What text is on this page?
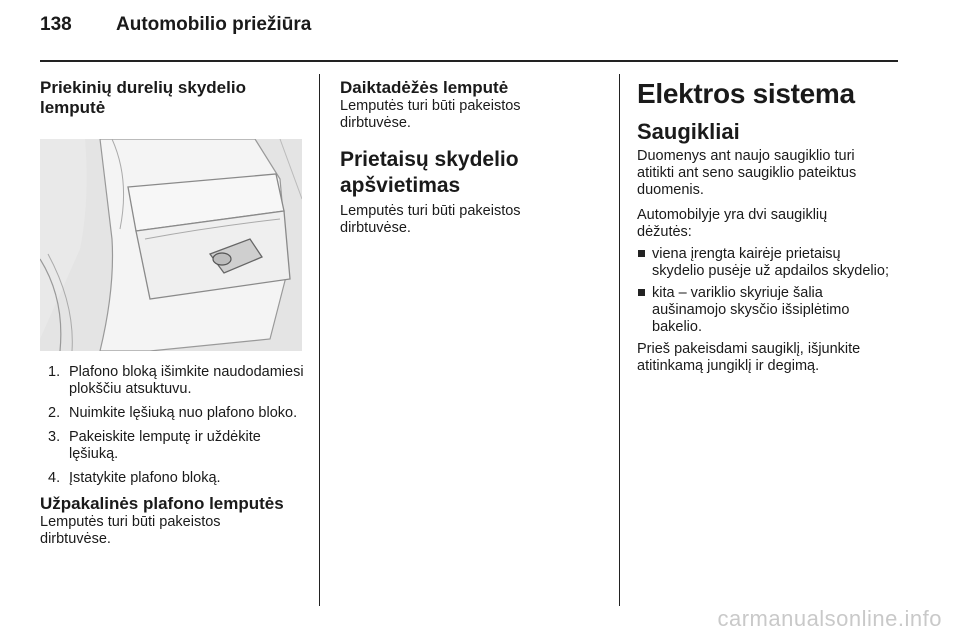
138 Automobilio priežiūra
Priekinių durelių skydelio lemputė
1. Plafono bloką išimkite naudodamiesi plokščiu atsuktuvu.
2. Nuimkite lęšiuką nuo plafono bloko.
3. Pakeiskite lemputę ir uždėkite lęšiuką.
4. Įstatykite plafono bloką.
Užpakalinės plafono lemputės

Lemputės turi būti pakeistos dirbtuvėse.

Daiktadėžės lemputė

Lemputės turi būti pakeistos dirbtuvėse.

Prietaisų skydelio apšvietimas

Lemputės turi būti pakeistos dirbtuvėse.

Elektros sistema
Saugikliai

Duomenys ant naujo saugiklio turi atitikti ant seno saugiklio pateiktus duomenis.

Automobilyje yra dvi saugiklių dėžutės:

viena įrengta kairėje prietaisų skydelio pusėje už apdailos skydelio;
kita – variklio skyriuje šalia aušinamojo skysčio išsiplėtimo bakelio.

Prieš pakeisdami saugiklį, išjunkite atitinkamą jungiklį ir degimą.

carmanualsonline.info
